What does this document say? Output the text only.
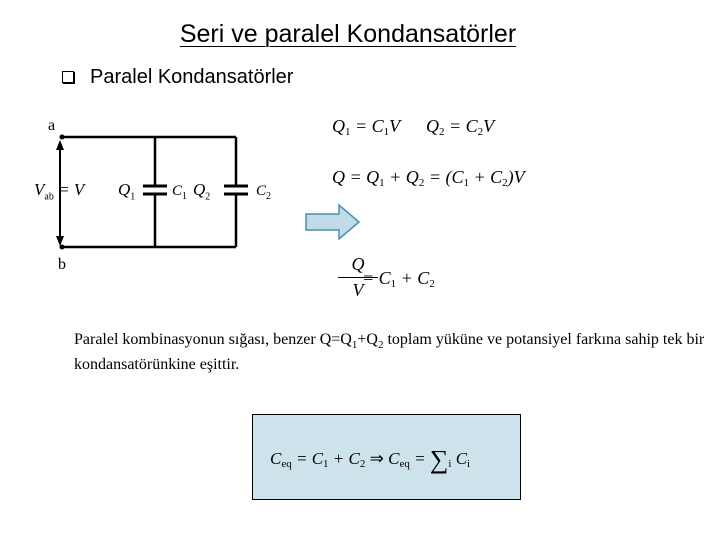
Seri ve paralel Kondansatörler
Paralel Kondansatörler
a
b
$V_{ab} = V$ $Q_1$ $C_1$ $Q_2$	$C_2$
$Q_1 = C_1V$ $Q_2 = C_2V$
$Q = Q_1 + Q_2 = (C_1 + C_2)V$
Q
V
= $C_1 + C_2$
Paralel kombinasyonun sığası, benzer $Q=Q_1+Q_2$ toplam yüküne ve potansiyel farkına sahip tek bir kondansatörünkine eşittir.
$C_{eq} = C_1 + C_2$ ⇒ $C_{eq} = \sum_i$ $C_i$
